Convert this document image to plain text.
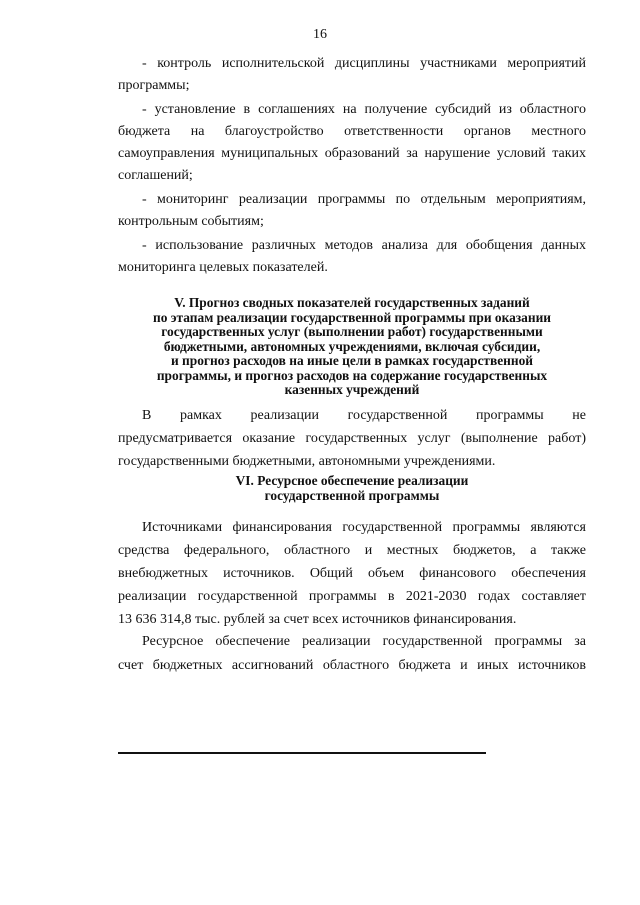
16
- контроль исполнительской дисциплины участниками мероприятий
программы;
- установление в соглашениях на получение субсидий из областного
бюджета на благоустройство ответственности органов местного
самоуправления муниципальных образований за нарушение условий таких
соглашений;
- мониторинг реализации программы по отдельным мероприятиям,
контрольным событиям;
- использование различных методов анализа для обобщения данных
мониторинга целевых показателей.
V. Прогноз сводных показателей государственных заданий
по этапам реализации государственной программы при оказании
государственных услуг (выполнении работ) государственными
бюджетными, автономных учреждениями, включая субсидии,
и прогноз расходов на иные цели в рамках государственной
программы, и прогноз расходов на содержание государственных
казенных учреждений
В рамках реализации государственной программы не
предусматривается оказание государственных услуг (выполнение работ)
государственными бюджетными, автономными учреждениями.
VI. Ресурсное обеспечение реализации
государственной программы
Источниками финансирования государственной программы являются
средства федерального, областного и местных бюджетов, а также
внебюджетных источников. Общий объем финансового обеспечения
реализации государственной программы в 2021-2030 годах составляет
13 636 314,8 тыс. рублей за счет всех источников финансирования.
Ресурсное обеспечение реализации государственной программы за
счет бюджетных ассигнований областного бюджета и иных источников
